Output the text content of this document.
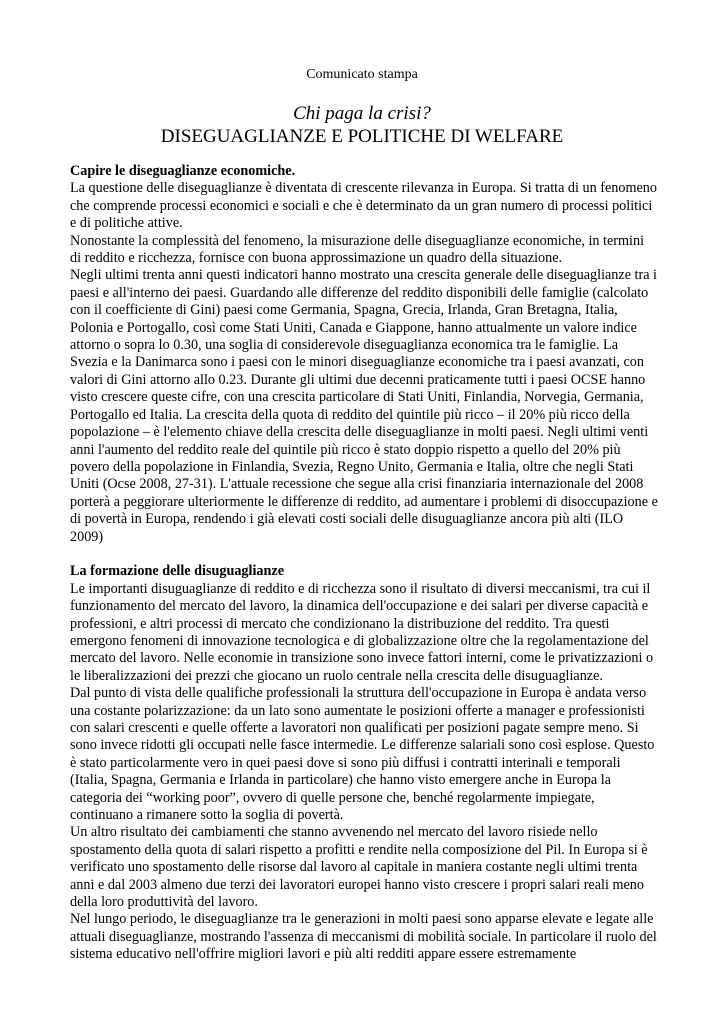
Comunicato stampa
Chi paga la crisi?
DISEGUAGLIANZE E POLITICHE DI WELFARE

Capire le diseguaglianze economiche.

La questione delle diseguaglianze è diventata di crescente rilevanza in Europa. Si tratta di un fenomeno che comprende processi economici e sociali e che è determinato da un gran numero di processi politici e di politiche attive.

Nonostante la complessità del fenomeno, la misurazione delle diseguaglianze economiche, in termini di reddito e ricchezza, fornisce con buona approssimazione un quadro della situazione.

Negli ultimi trenta anni questi indicatori hanno mostrato una crescita generale delle diseguaglianze tra i paesi e all'interno dei paesi. Guardando alle differenze del reddito disponibili delle famiglie (calcolato con il coefficiente di Gini) paesi come Germania, Spagna, Grecia, Irlanda, Gran Bretagna, Italia, Polonia e Portogallo, così come Stati Uniti, Canada e Giappone, hanno attualmente un valore indice attorno o sopra lo 0.30, una soglia di considerevole diseguaglianza economica tra le famiglie. La Svezia e la Danimarca sono i paesi con le minori diseguaglianze economiche tra i paesi avanzati, con valori di Gini attorno allo 0.23. Durante gli ultimi due decenni praticamente tutti i paesi OCSE hanno visto crescere queste cifre, con una crescita particolare di Stati Uniti, Finlandia, Norvegia, Germania, Portogallo ed Italia. La crescita della quota di reddito del quintile più ricco – il 20% più ricco della popolazione – è l'elemento chiave della crescita delle diseguaglianze in molti paesi. Negli ultimi venti anni l'aumento del reddito reale del quintile più ricco è stato doppio rispetto a quello del 20% più povero della popolazione in Finlandia, Svezia, Regno Unito, Germania e Italia, oltre che negli Stati Uniti (Ocse 2008, 27-31). L'attuale recessione che segue alla crisi finanziaria internazionale del 2008 porterà a peggiorare ulteriormente le differenze di reddito, ad aumentare i problemi di disoccupazione e di povertà in Europa, rendendo i già elevati costi sociali delle disuguaglianze ancora più alti (ILO 2009)

La formazione delle disuguaglianze

Le importanti disuguaglianze di reddito e di ricchezza sono il risultato di diversi meccanismi, tra cui il funzionamento del mercato del lavoro, la dinamica dell'occupazione e dei salari per diverse capacità e professioni, e altri processi di mercato che condizionano la distribuzione del reddito. Tra questi emergono fenomeni di innovazione tecnologica e di globalizzazione oltre che la regolamentazione del mercato del lavoro. Nelle economie in transizione sono invece fattori interni, come le privatizzazioni o le liberalizzazioni dei prezzi che giocano un ruolo centrale nella crescita delle disuguaglianze.

Dal punto di vista delle qualifiche professionali la struttura dell'occupazione in Europa è andata verso una costante polarizzazione: da un lato sono aumentate le posizioni offerte a manager e professionisti con salari crescenti e quelle offerte a lavoratori non qualificati per posizioni pagate sempre meno. Si sono invece ridotti gli occupati nelle fasce intermedie. Le differenze salariali sono così esplose. Questo è stato particolarmente vero in quei paesi dove si sono più diffusi i contratti interinali e temporali (Italia, Spagna, Germania e Irlanda in particolare) che hanno visto emergere anche in Europa la categoria dei “working poor”, ovvero di quelle persone che, benché regolarmente impiegate, continuano a rimanere sotto la soglia di povertà.

Un altro risultato dei cambiamenti che stanno avvenendo nel mercato del lavoro risiede nello spostamento della quota di salari rispetto a profitti e rendite nella composizione del Pil. In Europa si è verificato uno spostamento delle risorse dal lavoro al capitale in maniera costante negli ultimi trenta anni e dal 2003 almeno due terzi dei lavoratori europei hanno visto crescere i propri salari reali meno della loro produttività del lavoro.

Nel lungo periodo, le diseguaglianze tra le generazioni in molti paesi sono apparse elevate e legate alle attuali diseguaglianze, mostrando l'assenza di meccanismi di mobilità sociale. In particolare il ruolo del sistema educativo nell'offrire migliori lavori e più alti redditi appare essere estremamente
